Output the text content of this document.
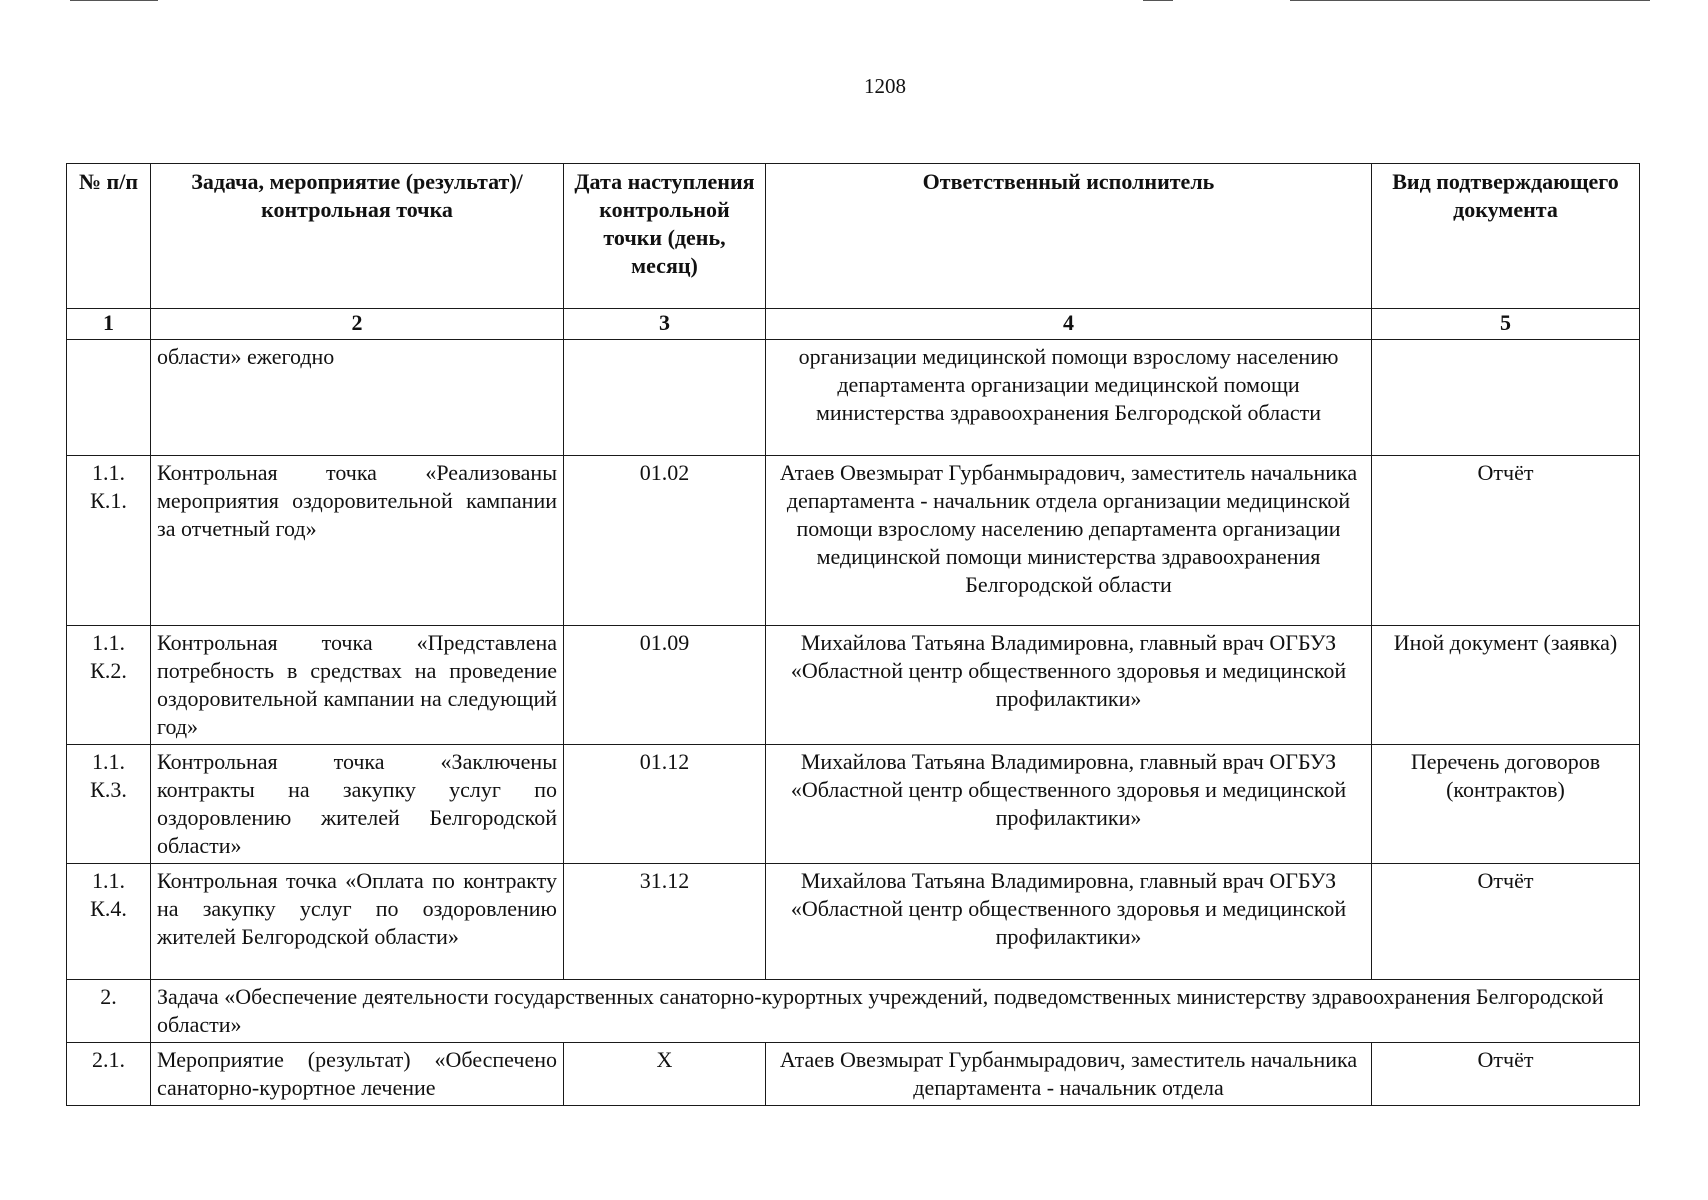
1208
№ п/п	Задача, мероприятие (результат)/ контрольная точка	Дата наступления контрольной точки (день, месяц)	Ответственный исполнитель	Вид подтверждающего документа
1	2	3	4	5
	области» ежегодно		организации медицинской помощи взрослому населению департамента организации медицинской помощи министерства здравоохранения Белгородской области	
1.1. К.1.	Контрольная точка «Реализованы мероприятия оздоровительной кампании за отчетный год»	01.02	Атаев Овезмырат Гурбанмырадович, заместитель начальника департамента - начальник отдела организации медицинской помощи взрослому населению департамента организации медицинской помощи министерства здравоохранения Белгородской области	Отчёт
1.1. К.2.	Контрольная точка «Представлена потребность в средствах на проведение оздоровительной кампании на следующий год»	01.09	Михайлова Татьяна Владимировна, главный врач ОГБУЗ «Областной центр общественного здоровья и медицинской профилактики»	Иной документ (заявка)
1.1. К.3.	Контрольная точка «Заключены контракты на закупку услуг по оздоровлению жителей Белгородской области»	01.12	Михайлова Татьяна Владимировна, главный врач ОГБУЗ «Областной центр общественного здоровья и медицинской профилактики»	Перечень договоров (контрактов)
1.1. К.4.	Контрольная точка «Оплата по контракту на закупку услуг по оздоровлению жителей Белгородской области»	31.12	Михайлова Татьяна Владимировна, главный врач ОГБУЗ «Областной центр общественного здоровья и медицинской профилактики»	Отчёт
2.	Задача «Обеспечение деятельности государственных санаторно-курортных учреждений, подведомственных министерству здравоохранения Белгородской области»			
2.1.	Мероприятие (результат) «Обеспечено санаторно-курортное лечение	Х	Атаев Овезмырат Гурбанмырадович, заместитель начальника департамента - начальник отдела	Отчёт
